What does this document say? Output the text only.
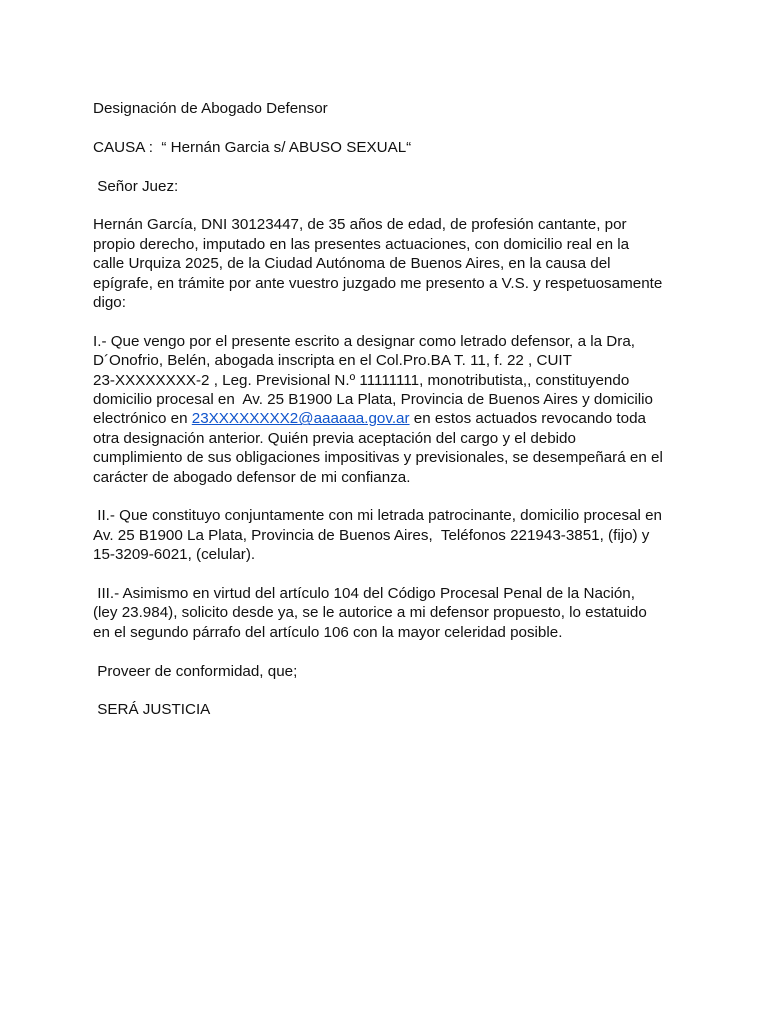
Designación de Abogado Defensor

CAUSA :  “ Hernán Garcia s/ ABUSO SEXUAL“

Señor Juez:

Hernán García, DNI 30123447, de 35 años de edad, de profesión cantante, por
propio derecho, imputado en las presentes actuaciones, con domicilio real en la
calle Urquiza 2025, de la Ciudad Autónoma de Buenos Aires, en la causa del
epígrafe, en trámite por ante vuestro juzgado me presento a V.S. y respetuosamente
digo:

I.- Que vengo por el presente escrito a designar como letrado defensor, a la Dra,
D´Onofrio, Belén, abogada inscripta en el Col.Pro.BA T. 11, f. 22 , CUIT
23-XXXXXXXX-2 , Leg. Previsional N.º 11111111, monotributista,, constituyendo
domicilio procesal en  Av. 25 B1900 La Plata, Provincia de Buenos Aires y domicilio
electrónico en 23XXXXXXXX2@aaaaaa.gov.ar en estos actuados revocando toda
otra designación anterior. Quién previa aceptación del cargo y el debido
cumplimiento de sus obligaciones impositivas y previsionales, se desempeñará en el
carácter de abogado defensor de mi confianza.

II.- Que constituyo conjuntamente con mi letrada patrocinante, domicilio procesal en
Av. 25 B1900 La Plata, Provincia de Buenos Aires,  Teléfonos 221943-3851, (fijo) y
15-3209-6021, (celular).

III.- Asimismo en virtud del artículo 104 del Código Procesal Penal de la Nación,
(ley 23.984), solicito desde ya, se le autorice a mi defensor propuesto, lo estatuido
en el segundo párrafo del artículo 106 con la mayor celeridad posible.

Proveer de conformidad, que;

SERÁ JUSTICIA
